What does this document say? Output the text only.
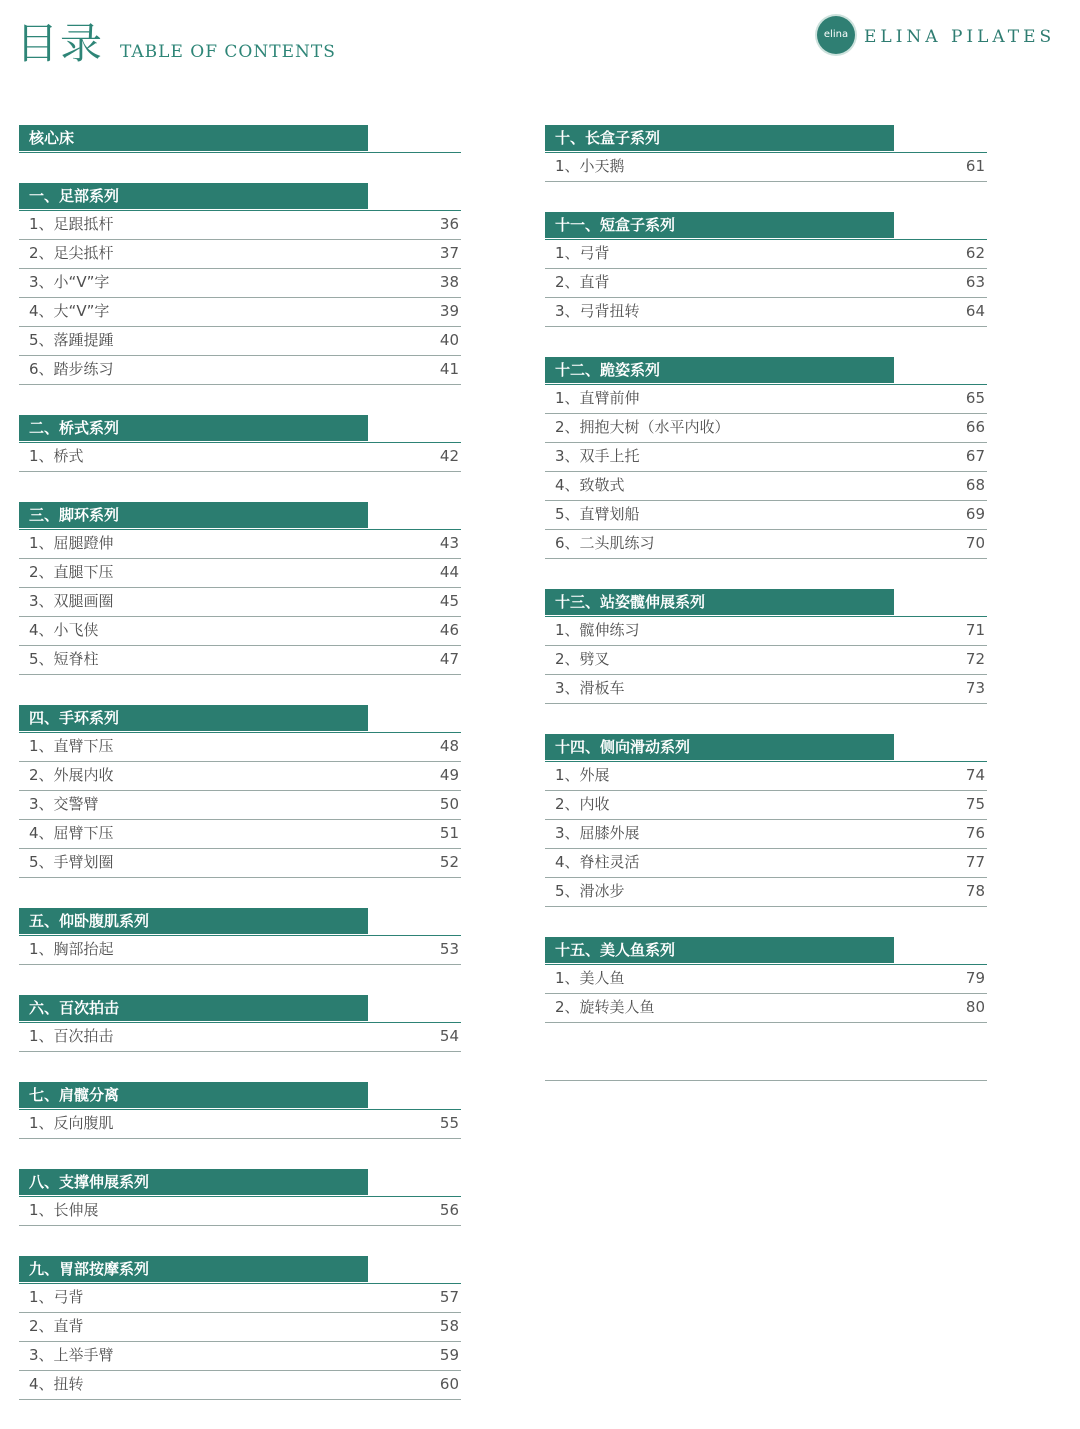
目录 TABLE OF CONTENTS
elina ELINA PILATES
核心床
一、足部系列
1、足跟抵杆	36
2、足尖抵杆	37
3、小“V”字	38
4、大“V”字	39
5、落踵提踵	40
6、踏步练习	41
二、桥式系列
1、桥式	42
三、脚环系列
1、屈腿蹬伸	43
2、直腿下压	44
3、双腿画圈	45
4、小飞侠	46
5、短脊柱	47
四、手环系列
1、直臂下压	48
2、外展内收	49
3、交警臂	50
4、屈臂下压	51
5、手臂划圈	52
五、仰卧腹肌系列
1、胸部抬起	53
六、百次拍击
1、百次拍击	54
七、肩髋分离
1、反向腹肌	55
八、支撑伸展系列
1、长伸展	56
九、胃部按摩系列
1、弓背	57
2、直背	58
3、上举手臂	59
4、扭转	60
十、长盒子系列
1、小天鹅	61
十一、短盒子系列
1、弓背	62
2、直背	63
3、弓背扭转	64
十二、跪姿系列
1、直臂前伸	65
2、拥抱大树（水平内收）	66
3、双手上托	67
4、致敬式	68
5、直臂划船	69
6、二头肌练习	70
十三、站姿髋伸展系列
1、髋伸练习	71
2、劈叉	72
3、滑板车	73
十四、侧向滑动系列
1、外展	74
2、内收	75
3、屈膝外展	76
4、脊柱灵活	77
5、滑冰步	78
十五、美人鱼系列
1、美人鱼	79
2、旋转美人鱼	80
